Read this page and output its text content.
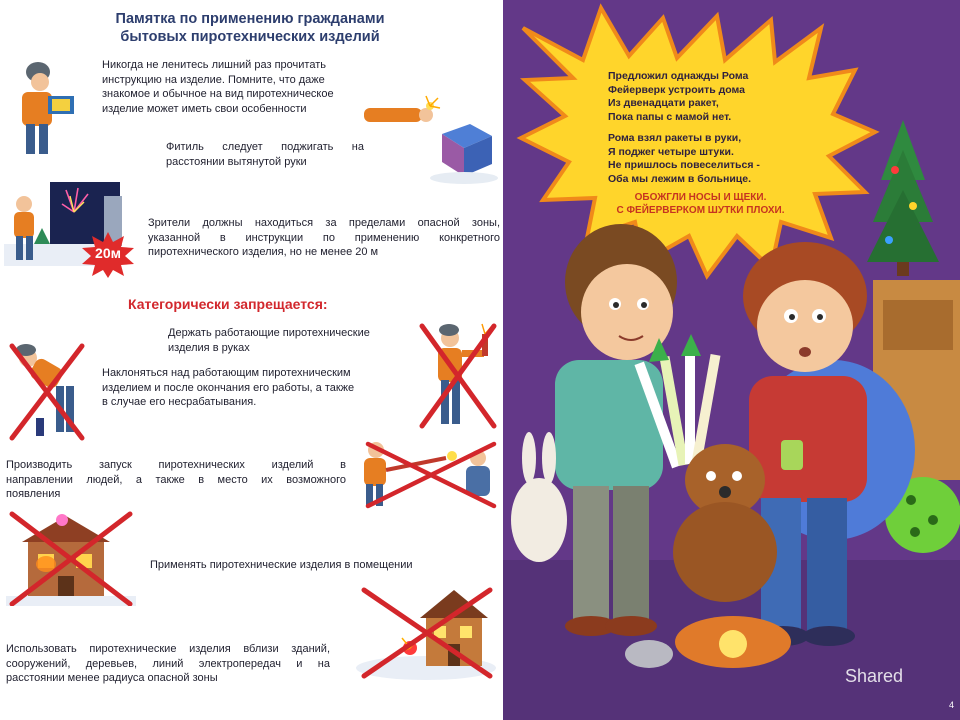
Памятка по применению гражданами
бытовых пиротехнических изделий
Никогда не ленитесь лишний раз прочитать
инструкцию на изделие. Помните, что даже
знакомое и обычное на вид пиротехническое
изделие может иметь свои особенности
Фитиль следует поджигать на
расстоянии вытянутой руки
20м
Зрители должны находиться за пределами опасной зоны,
указанной в инструкции по применению конкретного
пиротехнического изделия, но не менее 20 м
Категорически запрещается:
Держать работающие пиротехнические
изделия в руках
Наклоняться над работающим пиротехническим
изделием и после окончания его работы, а также
в случае его несрабатывания.
Производить запуск пиротехнических изделий в
направлении людей, а также в место их возможного
появления
Применять пиротехнические изделия в помещении
Использовать пиротехнические изделия вблизи зданий,
сооружений, деревьев, линий электропередач и на
расстоянии менее радиуса опасной зоны

Предложил однажды Рома

Фейерверк устроить дома

Из двенадцати ракет,

Пока папы с мамой нет.

Рома взял ракеты в руки,

Я поджег четыре штуки.

Не пришлось повеселиться -

Оба мы лежим в больнице.

ОБОЖГЛИ НОСЫ И ЩЕКИ.
С ФЕЙЕРВЕРКОМ ШУТКИ ПЛОХИ.
4
Shared
